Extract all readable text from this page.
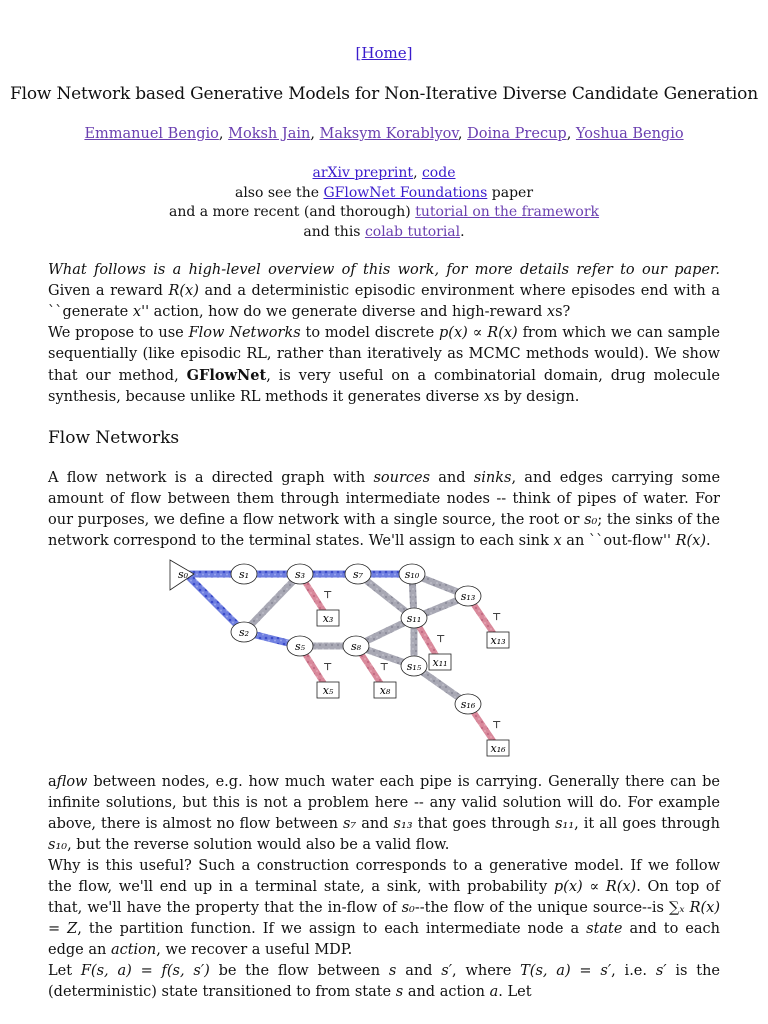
[Home]
Flow Network based Generative Models for Non-Iterative Diverse Candidate Generation
Emmanuel Bengio, Moksh Jain, Maksym Korablyov, Doina Precup, Yoshua Bengio
arXiv preprint, code
also see the GFlowNet Foundations paper
and a more recent (and thorough) tutorial on the framework
and this colab tutorial.

What follows is a high-level overview of this work, for more details refer to our paper. Given a reward R(x) and a deterministic episodic environment where episodes end with a ``generate x'' action, how do we generate diverse and high-reward xs?
We propose to use Flow Networks to model discrete p(x) ∝ R(x) from which we can sample sequentially (like episodic RL, rather than iteratively as MCMC methods would). We show that our method, GFlowNet, is very useful on a combinatorial domain, drug molecule synthesis, because unlike RL methods it generates diverse xs by design.

Flow Networks

A flow network is a directed graph with sources and sinks, and edges carrying some amount of flow between them through intermediate nodes -- think of pipes of water. For our purposes, we define a flow network with a single source, the root or s₀; the sinks of the network correspond to the terminal states. We'll assign to each sink x an ``out-flow'' R(x).

⊤
⊤
⊤
⊤	⊤
⊤
s₀	s₁	s₃	s₇	s₁₀
s₁₃
s₂
s₁₁
s₅	s₈
s₁₅
s₁₆
x₃
x₁₃
x₁₁
x₅	x₈
x₁₆

aflow between nodes, e.g. how much water each pipe is carrying. Generally there can be infinite solutions, but this is not a problem here -- any valid solution will do. For example above, there is almost no flow between s₇ and s₁₃ that goes through s₁₁, it all goes through s₁₀, but the reverse solution would also be a valid flow.
Why is this useful? Such a construction corresponds to a generative model. If we follow the flow, we'll end up in a terminal state, a sink, with probability p(x) ∝ R(x). On top of that, we'll have the property that the in-flow of s₀--the flow of the unique source--is ∑ₓ R(x) = Z, the partition function. If we assign to each intermediate node a state and to each edge an action, we recover a useful MDP.
Let F(s, a) = f(s, s′) be the flow between s and s′, where T(s, a) = s′, i.e. s′ is the (deterministic) state transitioned to from state s and action a. Let
